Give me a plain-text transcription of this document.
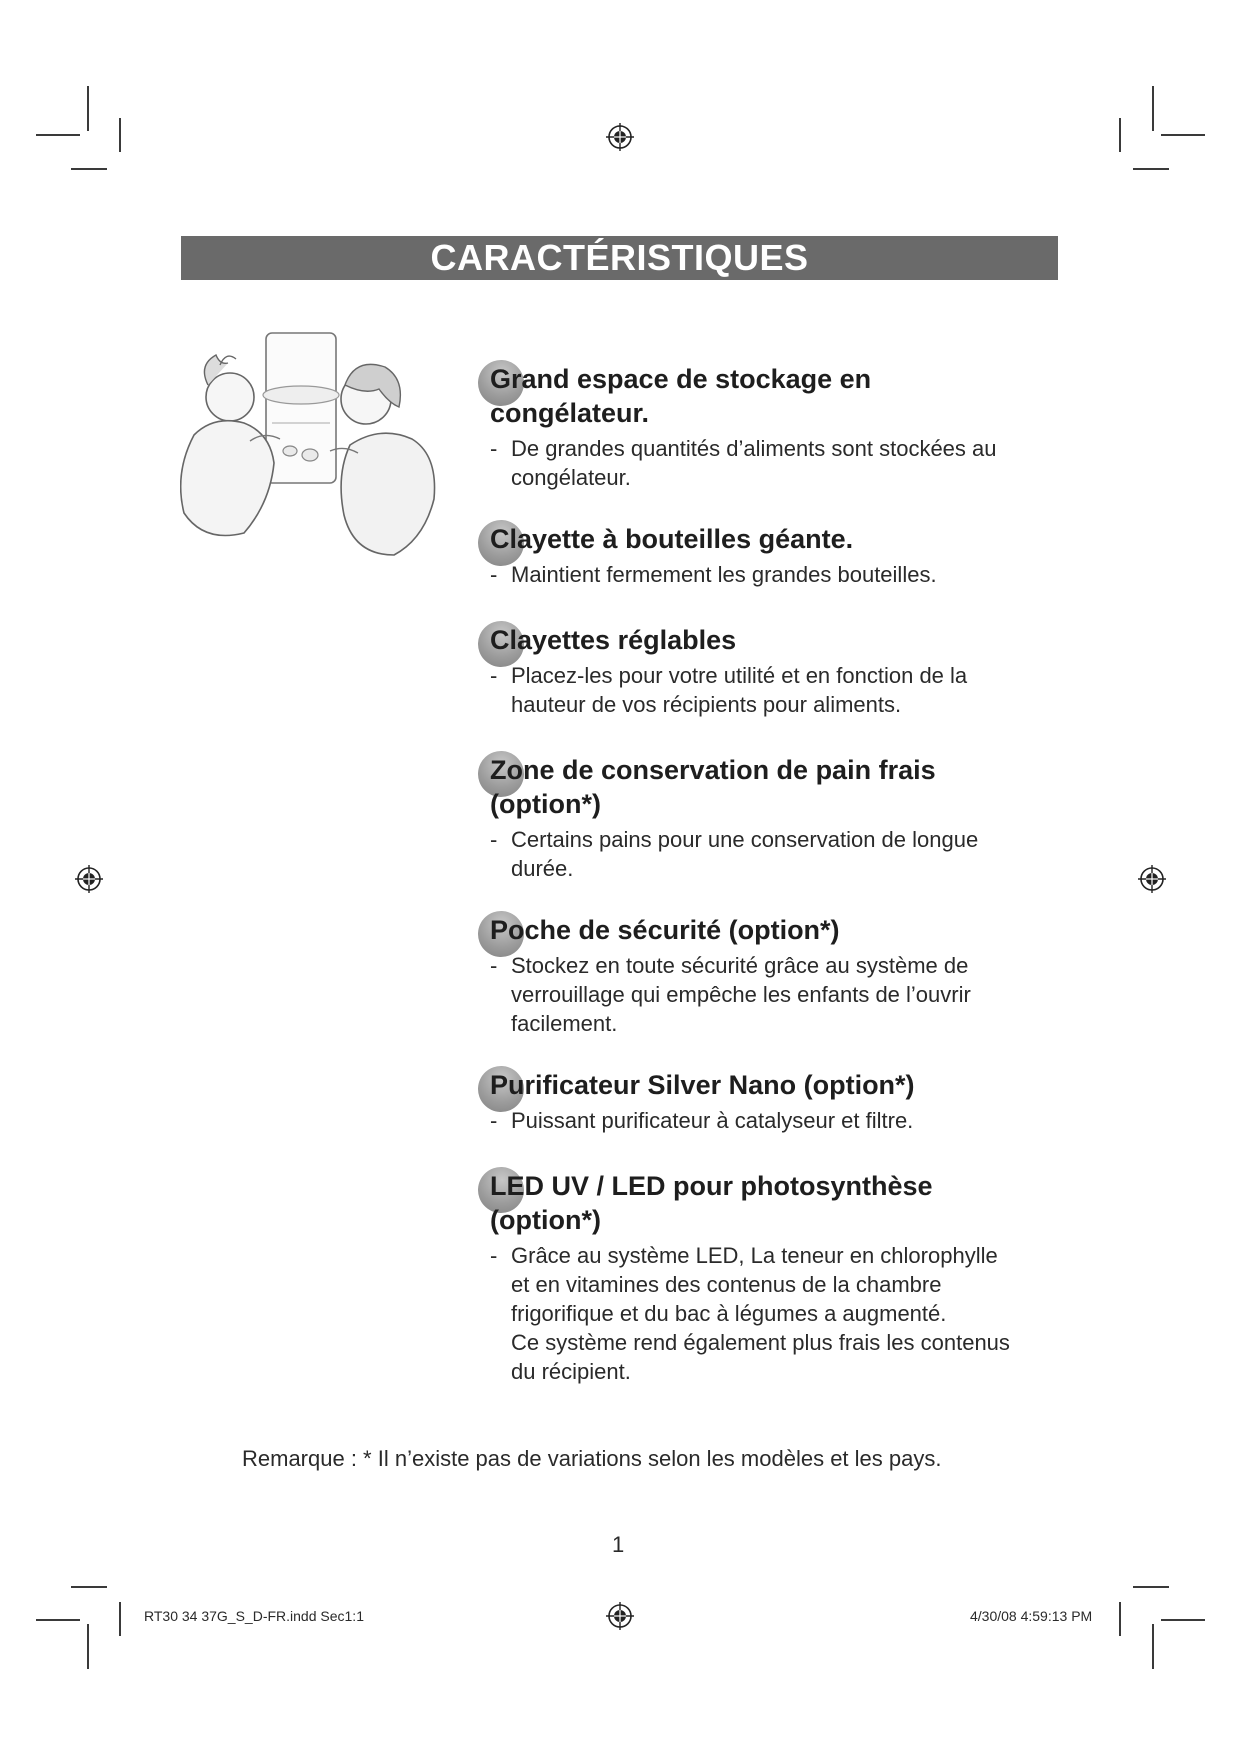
CARACTÉRISTIQUES
Grand espace de stockage en
congélateur.
- De grandes quantités d’aliments sont stockées au
congélateur.
Clayette à bouteilles géante.
- Maintient fermement les grandes bouteilles.
Clayettes réglables
- Placez-les pour votre utilité et en fonction de la
hauteur de vos récipients pour aliments.
Zone de conservation de pain frais
(option*)
- Certains pains pour une conservation de longue
durée.
Poche de sécurité (option*)
- Stockez en toute sécurité grâce au système de
verrouillage qui empêche les enfants de l’ouvrir
facilement.
Purificateur Silver Nano (option*)
- Puissant purificateur à catalyseur et filtre.
LED UV / LED pour photosynthèse
(option*)
- Grâce au système LED, La teneur en chlorophylle
et en vitamines des contenus de la chambre
frigorifique et du bac à légumes a augmenté.
Ce système rend également plus frais les contenus
du récipient.
Remarque : * Il n’existe pas de variations selon les modèles et les pays.
1
RT30 34 37G_S_D-FR.indd Sec1:1	4/30/08 4:59:13 PM
